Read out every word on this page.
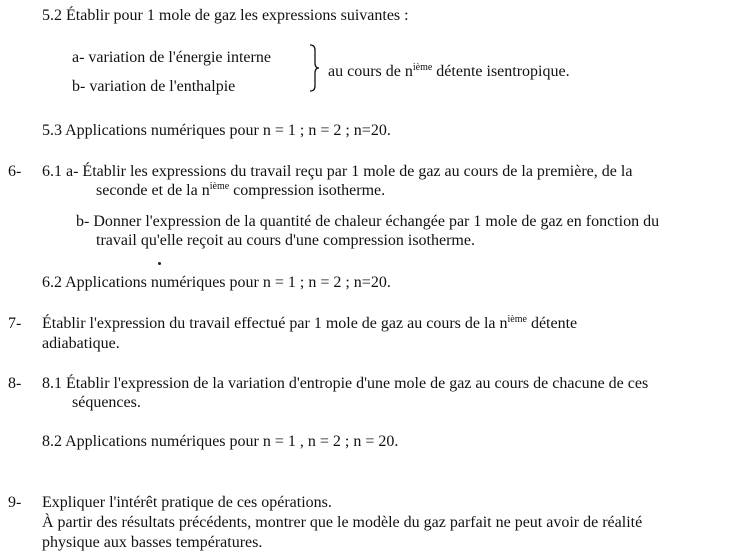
5.2 Établir pour 1 mole de gaz les expressions suivantes :
a- variation de l'énergie interne
b- variation de l'enthalpie
au cours de $n^{ième}$ détente isentropique.
5.3 Applications numériques pour n = 1 ; n = 2 ; n=20.
6- 6.1 a- Établir les expressions du travail reçu par 1 mole de gaz au cours de la première, de la
seconde et de la $n^{ième}$ compression isotherme.
b- Donner l'expression de la quantité de chaleur échangée par 1 mole de gaz en fonction du
travail qu'elle reçoit au cours d'une compression isotherme.
6.2 Applications numériques pour n = 1 ; n = 2 ; n=20.
7- Établir l'expression du travail effectué par 1 mole de gaz au cours de la $n^{ième}$ détente
adiabatique.
8- 8.1 Établir l'expression de la variation d'entropie d'une mole de gaz au cours de chacune de ces
séquences.
8.2 Applications numériques pour n = 1 , n = 2 ; n = 20.
9- Expliquer l'intérêt pratique de ces opérations.
À partir des résultats précédents, montrer que le modèle du gaz parfait ne peut avoir de réalité
physique aux basses températures.
